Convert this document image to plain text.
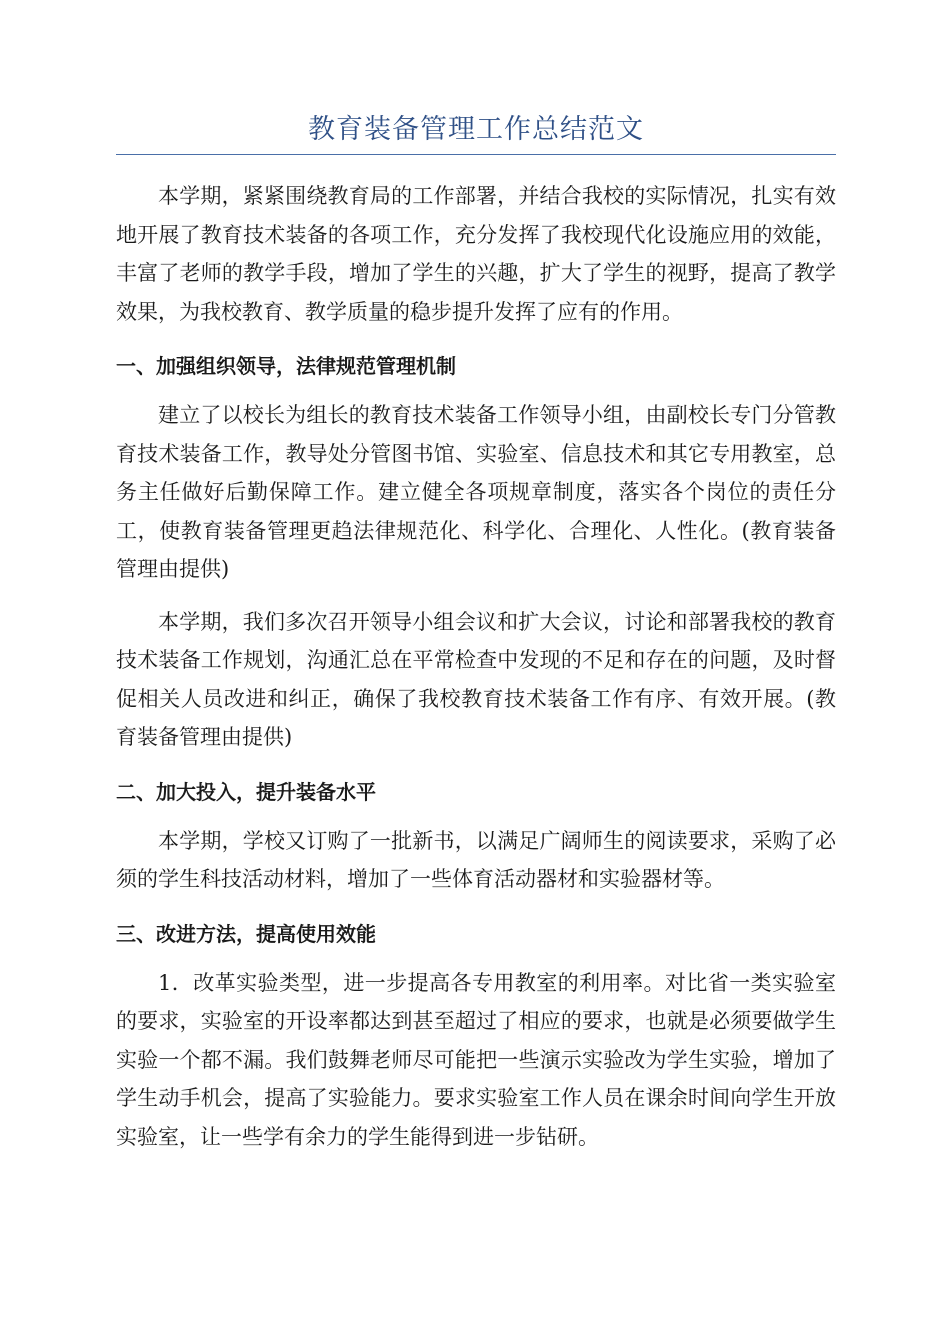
教育装备管理工作总结范文

本学期，紧紧围绕教育局的工作部署，并结合我校的实际情况，扎实有效地开展了教育技术装备的各项工作，充分发挥了我校现代化设施应用的效能，丰富了老师的教学手段，增加了学生的兴趣，扩大了学生的视野，提高了教学效果，为我校教育、教学质量的稳步提升发挥了应有的作用。

一、加强组织领导，法律规范管理机制

建立了以校长为组长的教育技术装备工作领导小组，由副校长专门分管教育技术装备工作，教导处分管图书馆、实验室、信息技术和其它专用教室，总务主任做好后勤保障工作。建立健全各项规章制度，落实各个岗位的责任分工，使教育装备管理更趋法律规范化、科学化、合理化、人性化。(教育装备管理由提供)

本学期，我们多次召开领导小组会议和扩大会议，讨论和部署我校的教育技术装备工作规划，沟通汇总在平常检查中发现的不足和存在的问题，及时督促相关人员改进和纠正，确保了我校教育技术装备工作有序、有效开展。(教育装备管理由提供)

二、加大投入，提升装备水平

本学期，学校又订购了一批新书，以满足广阔师生的阅读要求，采购了必须的学生科技活动材料，增加了一些体育活动器材和实验器材等。

三、改进方法，提高使用效能

1．改革实验类型，进一步提高各专用教室的利用率。对比省一类实验室的要求，实验室的开设率都达到甚至超过了相应的要求，也就是必须要做学生实验一个都不漏。我们鼓舞老师尽可能把一些演示实验改为学生实验，增加了学生动手机会，提高了实验能力。要求实验室工作人员在课余时间向学生开放实验室，让一些学有余力的学生能得到进一步钻研。
